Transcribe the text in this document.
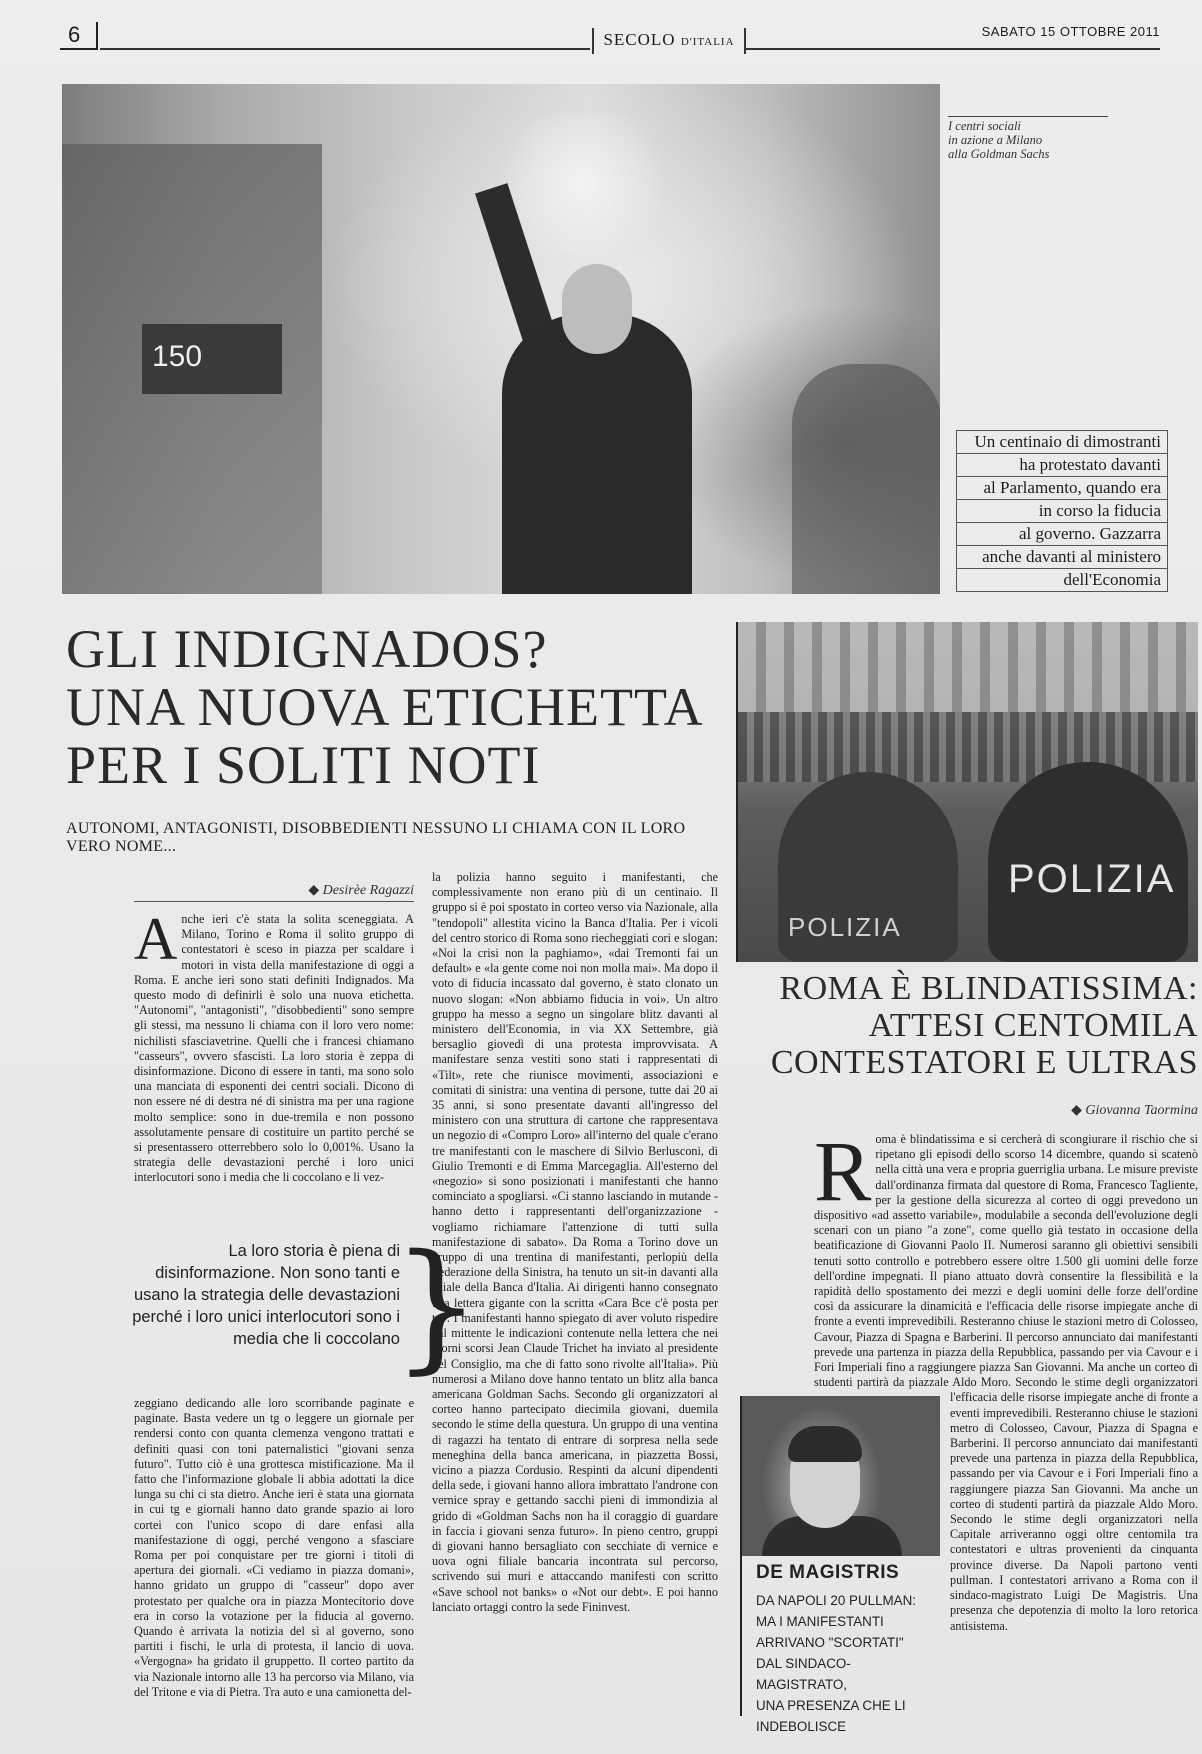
6	SECOLO D'ITALIA
SABATO 15 OTTOBRE 2011
150
I centri sociali
in azione a Milano
alla Goldman Sachs
Un centinaio di dimostranti
ha protestato davanti
al Parlamento, quando era
in corso la fiducia
al governo. Gazzarra
anche davanti al ministero
dell'Economia
GLI INDIGNADOS?
UNA NUOVA ETICHETTA
PER I SOLITI NOTI
AUTONOMI, ANTAGONISTI, DISOBBEDIENTI NESSUNO LI CHIAMA CON IL LORO VERO NOME...
◆ Desirèe Ragazzi
A nche ieri c'è stata la solita sceneggiata. A Milano, Torino e Roma il solito gruppo di contestatori è sceso in piazza per scaldare i motori in vista della manifestazione di oggi a Roma. E anche ieri sono stati definiti Indignados. Ma questo modo di definirli è solo una nuova etichetta. "Autonomi", "antagonisti", "disobbedienti" sono sempre gli stessi, ma nessuno li chiama con il loro vero nome: nichilisti sfasciavetrine. Quelli che i francesi chiamano "casseurs", ovvero sfascisti. La loro storia è zeppa di disinformazione. Dicono di essere in tanti, ma sono solo una manciata di esponenti dei centri sociali. Dicono di non essere né di destra né di sinistra ma per una ragione molto semplice: sono in due-tremila e non possono assolutamente pensare di costituire un partito perché se si presentassero otterrebbero solo lo 0,001%. Usano la strategia delle devastazioni perché i loro unici interlocutori sono i media che li coccolano e li vez-
La loro storia è piena di disinformazione. Non sono tanti e usano la strategia delle devastazioni perché i loro unici interlocutori sono i media che li coccolano
}
zeggiano dedicando alle loro scorribande paginate e paginate. Basta vedere un tg o leggere un giornale per rendersi conto con quanta clemenza vengono trattati e definiti quasi con toni paternalistici "giovani senza futuro". Tutto ciò è una grottesca mistificazione. Ma il fatto che l'informazione globale li abbia adottati la dice lunga su chi ci sta dietro. Anche ieri è stata una giornata in cui tg e giornali hanno dato grande spazio ai loro cortei con l'unico scopo di dare enfasi alla manifestazione di oggi, perché vengono a sfasciare Roma per poi conquistare per tre giorni i titoli di apertura dei giornali. «Ci vediamo in piazza domani», hanno gridato un gruppo di "casseur" dopo aver protestato per qualche ora in piazza Montecitorio dove era in corso la votazione per la fiducia al governo. Quando è arrivata la notizia del sì al governo, sono partiti i fischi, le urla di protesta, il lancio di uova. «Vergogna» ha gridato il gruppetto. Il corteo partito da via Nazionale intorno alle 13 ha percorso via Milano, via del Tritone e via di Pietra. Tra auto e una camionetta del-
la polizia hanno seguito i manifestanti, che complessivamente non erano più di un centinaio. Il gruppo si è poi spostato in corteo verso via Nazionale, alla "tendopoli" allestita vicino la Banca d'Italia. Per i vicoli del centro storico di Roma sono riecheggiati cori e slogan: «Noi la crisi non la paghiamo», «dai Tremonti fai un default» e «la gente come noi non molla mai». Ma dopo il voto di fiducia incassato dal governo, è stato clonato un nuovo slogan: «Non abbiamo fiducia in voi». Un altro gruppo ha messo a segno un singolare blitz davanti al ministero dell'Economia, in via XX Settembre, già bersaglio giovedì di una protesta improvvisata. A manifestare senza vestiti sono stati i rappresentati di «Tilt», rete che riunisce movimenti, associazioni e comitati di sinistra: una ventina di persone, tutte dai 20 ai 35 anni, si sono presentate davanti all'ingresso del ministero con una struttura di cartone che rappresentava un negozio di «Compro Loro» all'interno del quale c'erano tre manifestanti con le maschere di Silvio Berlusconi, di Giulio Tremonti e di Emma Marcegaglia. All'esterno del «negozio» si sono posizionati i manifestanti che hanno cominciato a spogliarsi. «Ci stanno lasciando in mutande - hanno detto i rappresentanti dell'organizzazione - vogliamo richiamare l'attenzione di tutti sulla manifestazione di sabato». Da Roma a Torino dove un gruppo di una trentina di manifestanti, perlopiù della Federazione della Sinistra, ha tenuto un sit-in davanti alla filiale della Banca d'Italia. Ai dirigenti hanno consegnato una lettera gigante con la scritta «Cara Bce c'è posta per te». I manifestanti hanno spiegato di aver voluto rispedire «al mittente le indicazioni contenute nella lettera che nei giorni scorsi Jean Claude Trichet ha inviato al presidente del Consiglio, ma che di fatto sono rivolte all'Italia». Più numerosi a Milano dove hanno tentato un blitz alla banca americana Goldman Sachs. Secondo gli organizzatori al corteo hanno partecipato diecimila giovani, duemila secondo le stime della questura. Un gruppo di una ventina di ragazzi ha tentato di entrare di sorpresa nella sede meneghina della banca americana, in piazzetta Bossi, vicino a piazza Cordusio. Respinti da alcuni dipendenti della sede, i giovani hanno allora imbrattato l'androne con vernice spray e gettando sacchi pieni di immondizia al grido di «Goldman Sachs non ha il coraggio di guardare in faccia i giovani senza futuro». In pieno centro, gruppi di giovani hanno bersagliato con secchiate di vernice e uova ogni filiale bancaria incontrata sul percorso, scrivendo sui muri e attaccando manifesti con scritto «Save school not banks» o «Not our debt». E poi hanno lanciato ortaggi contro la sede Fininvest.
POLIZIA
POLIZIA
ROMA È BLINDATISSIMA:
ATTESI CENTOMILA
CONTESTATORI E ULTRAS
◆ Giovanna Taormina
R oma è blindatissima e si cercherà di scongiurare il rischio che si ripetano gli episodi dello scorso 14 dicembre, quando si scatenò nella città una vera e propria guerriglia urbana. Le misure previste dall'ordinanza firmata dal questore di Roma, Francesco Tagliente, per la gestione della sicurezza al corteo di oggi prevedono un dispositivo «ad assetto variabile», modulabile a seconda dell'evoluzione degli scenari con un piano "a zone", come quello già testato in occasione della beatificazione di Giovanni Paolo II. Numerosi saranno gli obiettivi sensibili tenuti sotto controllo e potrebbero essere oltre 1.500 gli uomini delle forze dell'ordine impegnati. Il piano attuato dovrà consentire la flessibilità e la rapidità dello spostamento dei mezzi e degli uomini delle forze dell'ordine così da assicurare la dinamicità e l'efficacia delle risorse impiegate anche di fronte a eventi imprevedibili. Resteranno chiuse le stazioni metro di Colosseo, Cavour, Piazza di Spagna e Barberini. Il percorso annunciato dai manifestanti prevede una partenza in piazza della Repubblica, passando per via Cavour e i Fori Imperiali fino a raggiungere piazza San Giovanni. Ma anche un corteo di studenti partirà da piazzale Aldo Moro. Secondo le stime degli organizzatori
l'efficacia delle risorse impiegate anche di fronte a eventi imprevedibili. Resteranno chiuse le stazioni metro di Colosseo, Cavour, Piazza di Spagna e Barberini. Il percorso annunciato dai manifestanti prevede una partenza in piazza della Repubblica, passando per via Cavour e i Fori Imperiali fino a raggiungere piazza San Giovanni. Ma anche un corteo di studenti partirà da piazzale Aldo Moro. Secondo le stime degli organizzatori nella Capitale arriveranno oggi oltre centomila tra contestatori e ultras provenienti da cinquanta province diverse. Da Napoli partono venti pullman. I contestatori arrivano a Roma con il sindaco-magistrato Luigi De Magistris. Una presenza che depotenzia di molto la loro retorica antisistema.
DE MAGISTRIS
DA NAPOLI 20 PULLMAN:
MA I MANIFESTANTI
ARRIVANO "SCORTATI"
DAL SINDACO-MAGISTRATO,
UNA PRESENZA CHE LI INDEBOLISCE
